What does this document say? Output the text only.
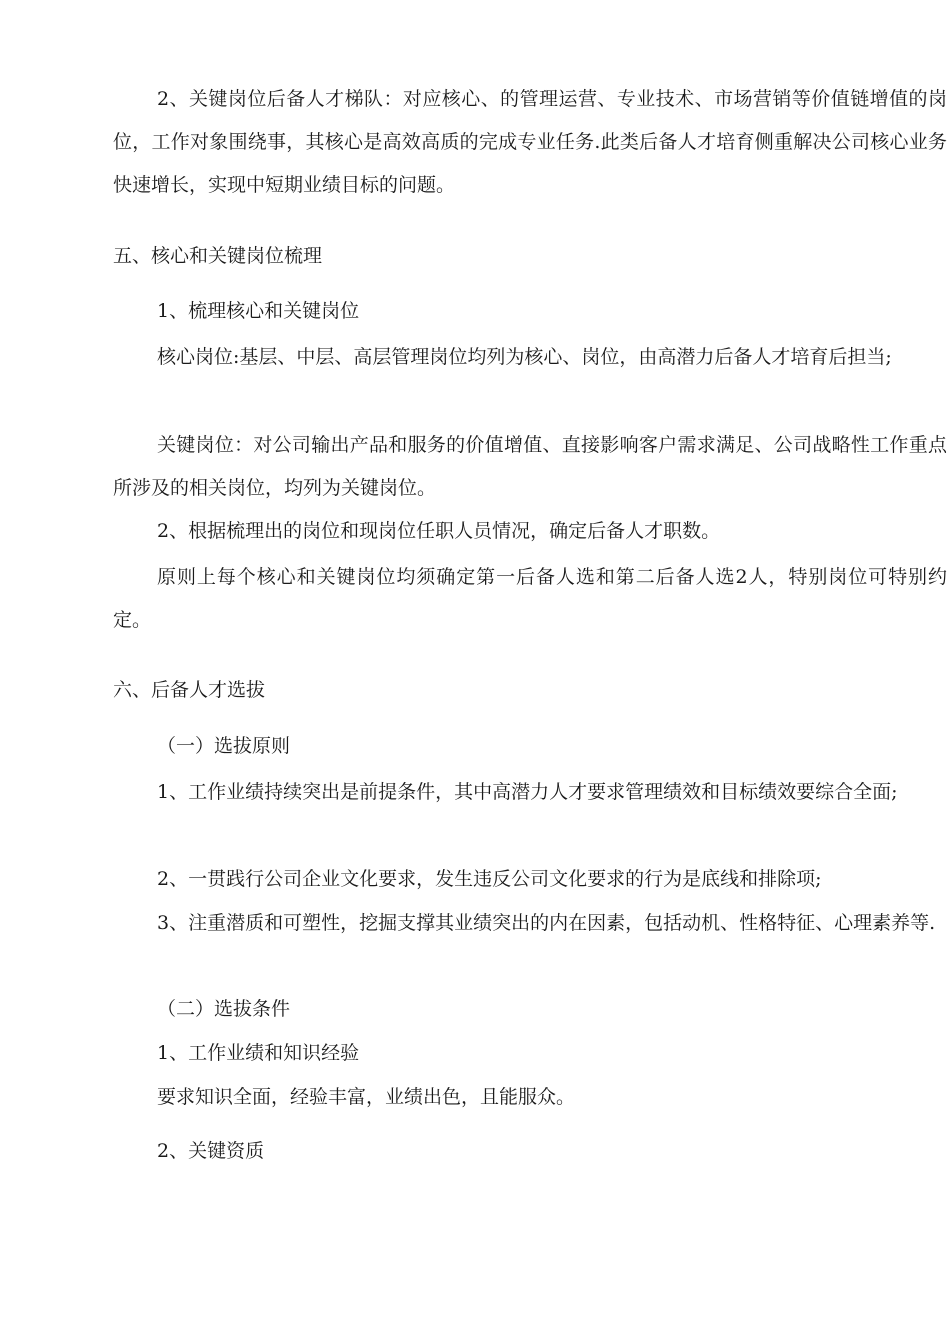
2、关键岗位后备人才梯队：对应核心、的管理运营、专业技术、市场营销等价值链增值的岗位，工作对象围绕事，其核心是高效高质的完成专业任务.此类后备人才培育侧重解决公司核心业务快速增长，实现中短期业绩目标的问题。
五、核心和关键岗位梳理
1、梳理核心和关键岗位
核心岗位:基层、中层、高层管理岗位均列为核心、岗位，由高潜力后备人才培育后担当;
关键岗位：对公司输出产品和服务的价值增值、直接影响客户需求满足、公司战略性工作重点所涉及的相关岗位，均列为关键岗位。
2、根据梳理出的岗位和现岗位任职人员情况，确定后备人才职数。
原则上每个核心和关键岗位均须确定第一后备人选和第二后备人选2人，特别岗位可特别约定。
六、后备人才选拔
（一）选拔原则
1、工作业绩持续突出是前提条件，其中高潜力人才要求管理绩效和目标绩效要综合全面;
2、一贯践行公司企业文化要求，发生违反公司文化要求的行为是底线和排除项;
3、注重潜质和可塑性，挖掘支撑其业绩突出的内在因素，包括动机、性格特征、心理素养等.
（二）选拔条件
1、工作业绩和知识经验
要求知识全面，经验丰富，业绩出色，且能服众。
2、关键资质
